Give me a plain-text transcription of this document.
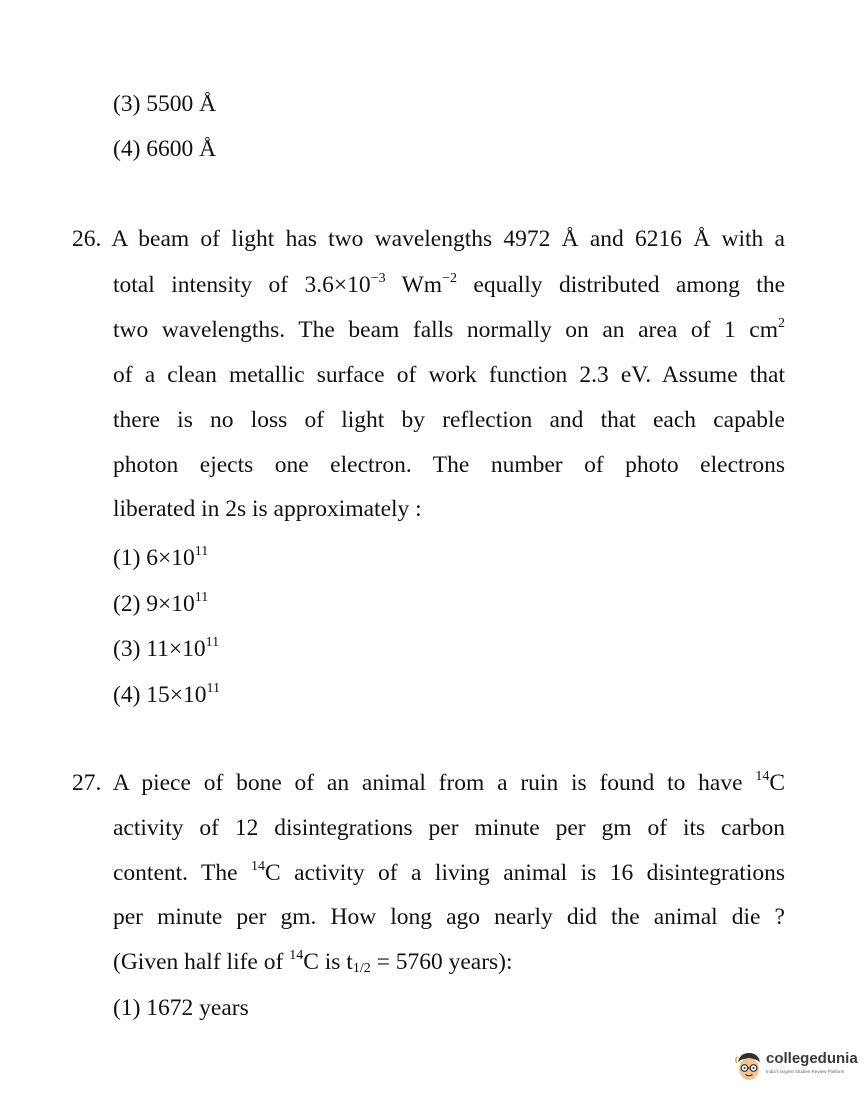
(3) 5500 Å
(4) 6600 Å
26. A beam of light has two wavelengths 4972 Å and 6216 Å with a
total intensity of $3.6\times 10^{-3}$ $Wm^{-2}$ equally distributed among the
two wavelengths. The beam falls normally on an area of 1 $cm^2$
of a clean metallic surface of work function 2.3 eV. Assume that
there is no loss of light by reflection and that each capable
photon ejects one electron. The number of photo electrons
liberated in 2s is approximately :
(1) $6\times 10^{11}$
(2) $9\times 10^{11}$
(3) $11\times 10^{11}$
(4) $15\times 10^{11}$
27. A piece of bone of an animal from a ruin is found to have $^{14}$C
activity of 12 disintegrations per minute per gm of its carbon
content. The $^{14}$C activity of a living animal is 16 disintegrations
per minute per gm. How long ago nearly did the animal die ?
(Given half life of $^{14}$C is $t_{1/2} = 5760$ years):
(1) 1672 years
collegedunia
India's largest Student Review Platform
